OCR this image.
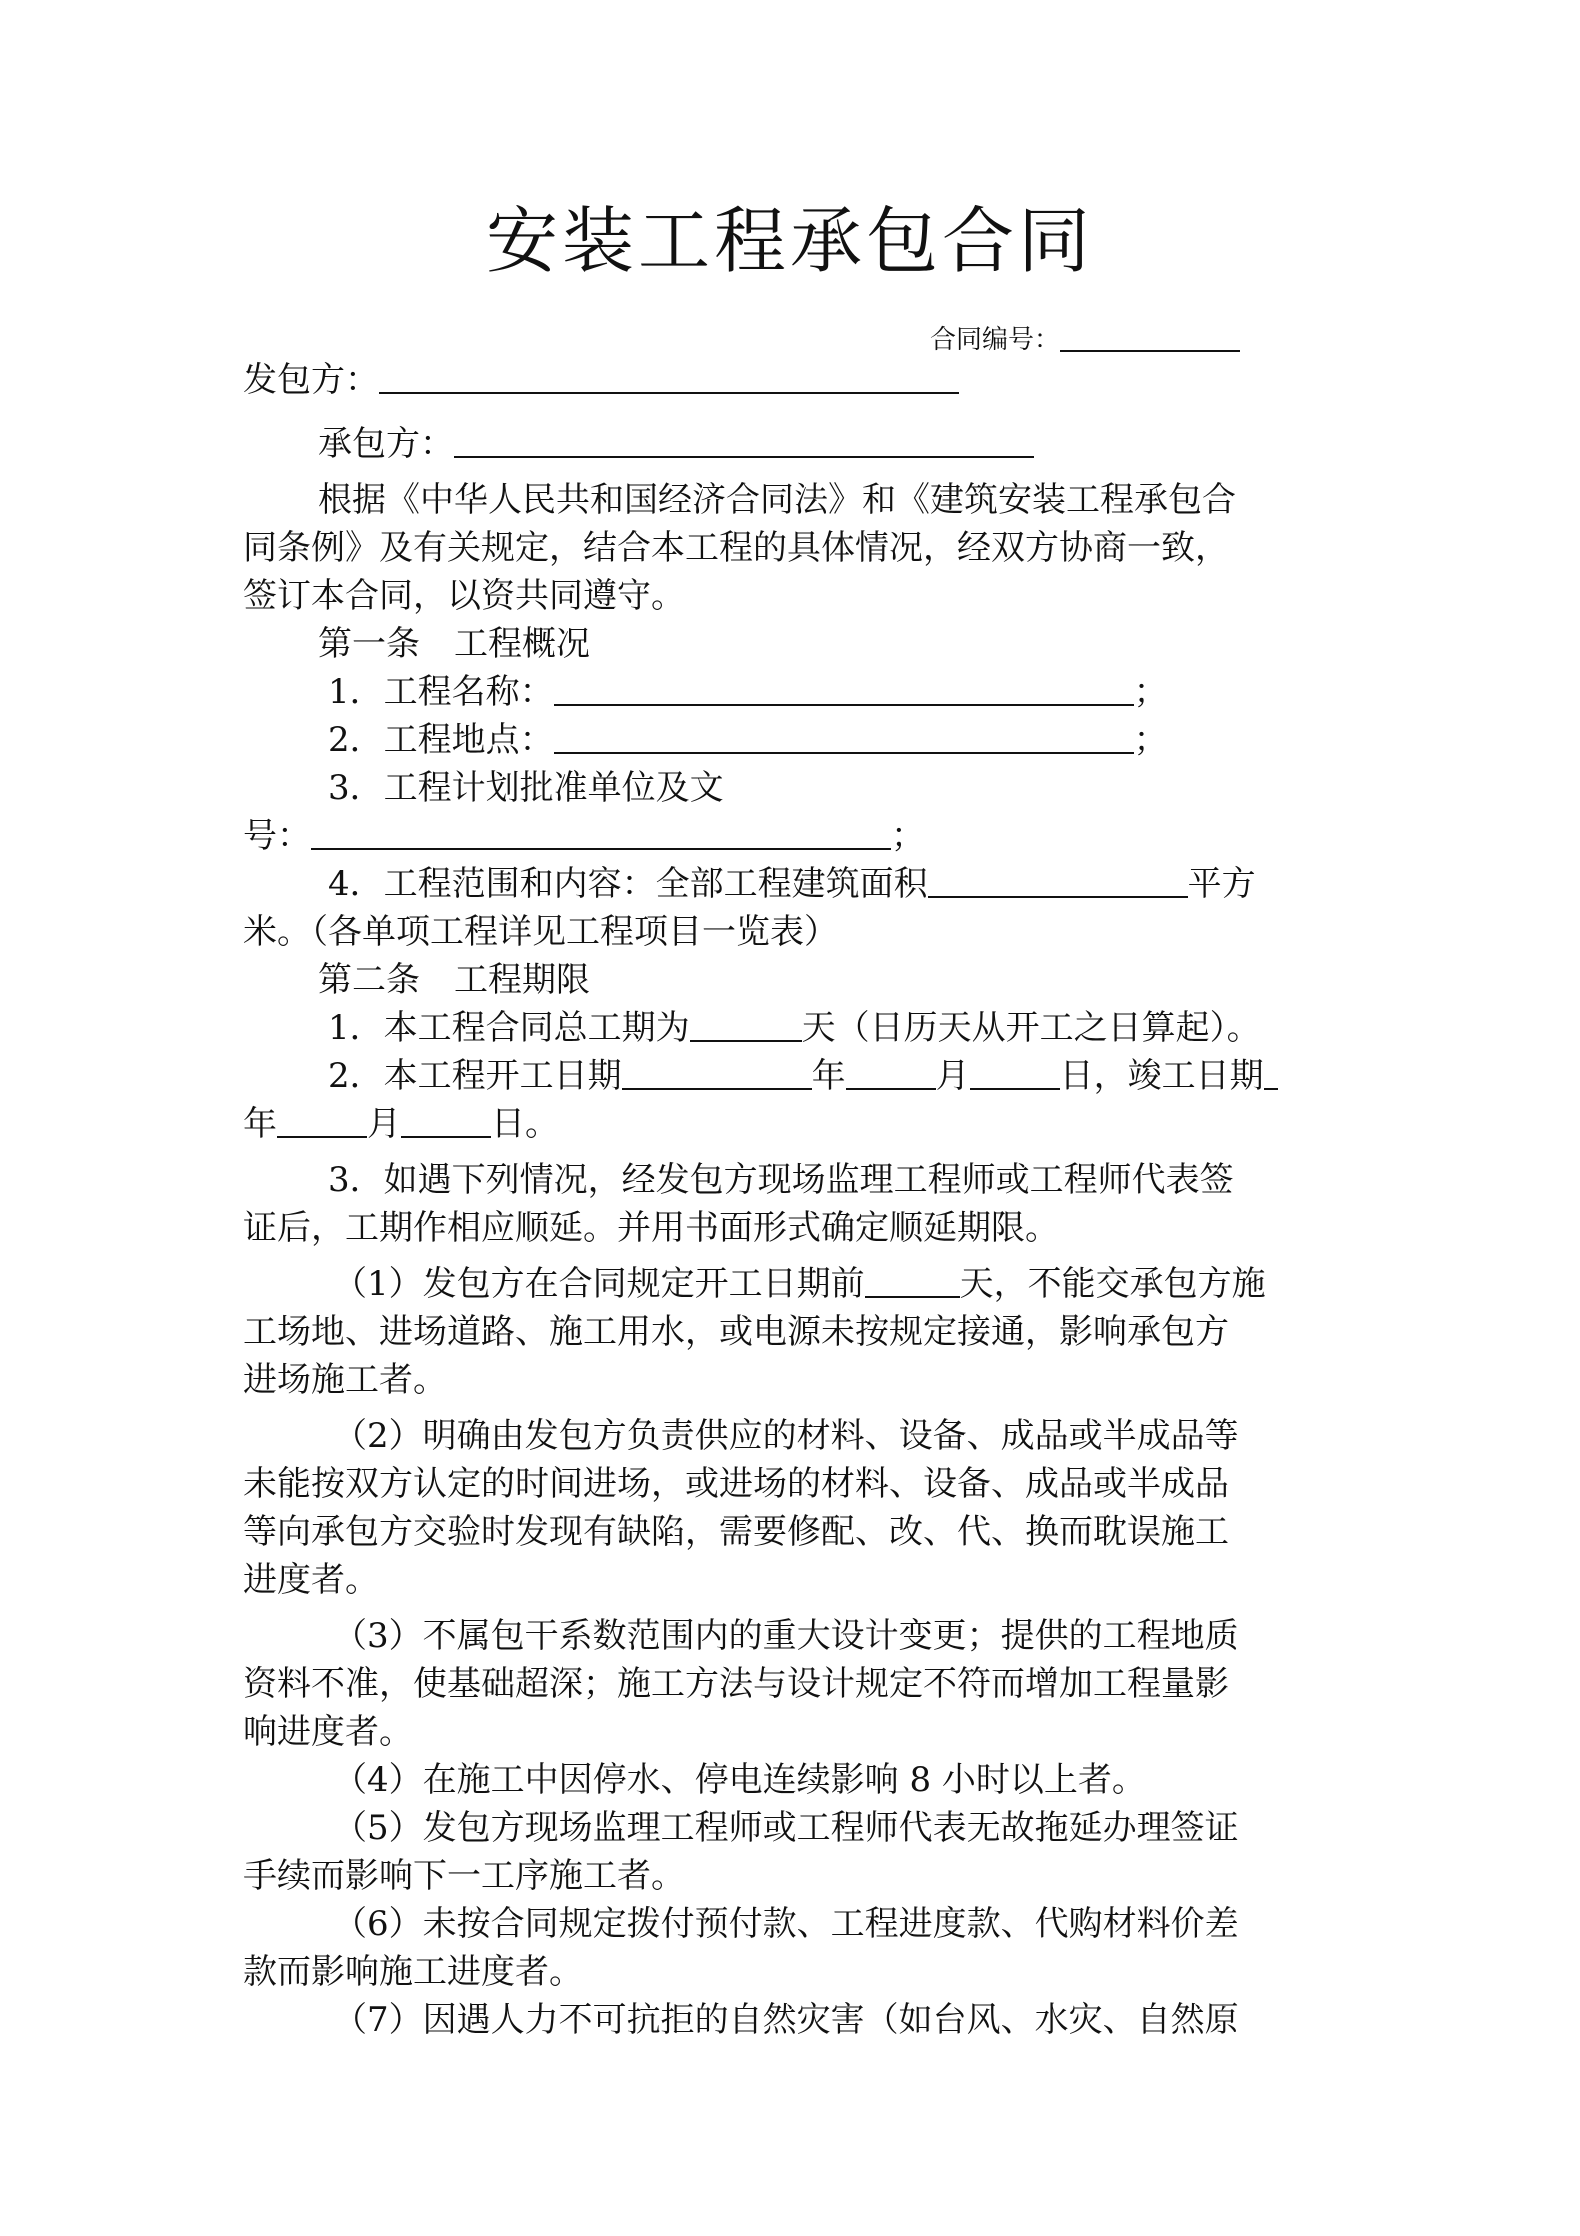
安装工程承包合同
合同编号：
发包方：
承包方：
根据《中华人民共和国经济合同法》和《建筑安装工程承包合
同条例》及有关规定，结合本工程的具体情况，经双方协商一致，
签订本合同，以资共同遵守。
第一条　工程概况
1．工程名称：	；
2．工程地点：	；
3．工程计划批准单位及文
号：	；
4．工程范围和内容：全部工程建筑面积	平方
米。（各单项工程详见工程项目一览表）
第二条　工程期限
1．本工程合同总工期为	天（日历天从开工之日算起）。
2．本工程开工日期	年	月	日，竣工日期
年	月	日。
3．如遇下列情况，经发包方现场监理工程师或工程师代表签
证后，工期作相应顺延。并用书面形式确定顺延期限。
（1）发包方在合同规定开工日期前	天，不能交承包方施
工场地、进场道路、施工用水，或电源未按规定接通，影响承包方
进场施工者。
（2）明确由发包方负责供应的材料、设备、成品或半成品等
未能按双方认定的时间进场，或进场的材料、设备、成品或半成品
等向承包方交验时发现有缺陷，需要修配、改、代、换而耽误施工
进度者。
（3）不属包干系数范围内的重大设计变更；提供的工程地质
资料不准，使基础超深；施工方法与设计规定不符而增加工程量影
响进度者。
（4）在施工中因停水、停电连续影响 8 小时以上者。
（5）发包方现场监理工程师或工程师代表无故拖延办理签证
手续而影响下一工序施工者。
（6）未按合同规定拨付预付款、工程进度款、代购材料价差
款而影响施工进度者。
（7）因遇人力不可抗拒的自然灾害（如台风、水灾、自然原
